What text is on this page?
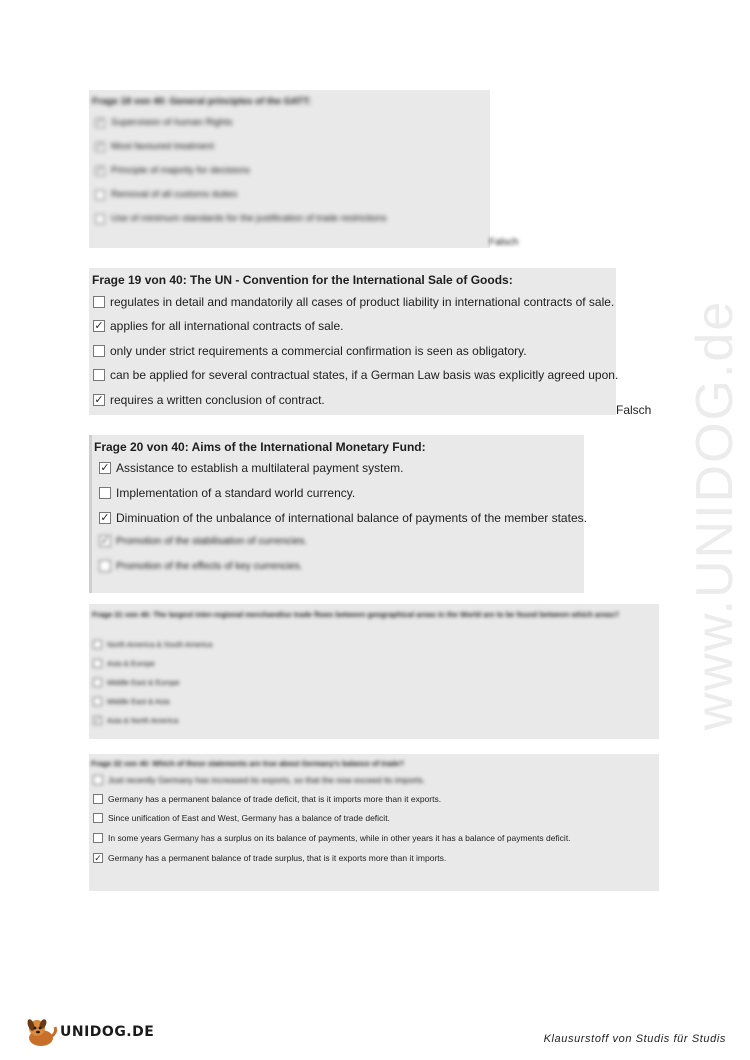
www.UNIDOG.de
Frage 18 von 40: General principles of the GATT:
✓ Supervision of human Rights
✓ Most favoured treatment
✓ Principle of majority for decisions
Removal of all customs duties
Use of minimum standards for the justification of trade restrictions
Falsch
Frage 19 von 40: The UN - Convention for the International Sale of Goods:
regulates in detail and mandatorily all cases of product liability in international contracts of sale.
✓ applies for all international contracts of sale.
only under strict requirements a commercial confirmation is seen as obligatory.
can be applied for several contractual states, if a German Law basis was explicitly agreed upon.
✓ requires a written conclusion of contract.
Falsch
Frage 20 von 40: Aims of the International Monetary Fund:
✓ Assistance to establish a multilateral payment system.
Implementation of a standard world currency.
✓ Diminuation of the unbalance of international balance of payments of the member states.
✓ Promotion of the stabilisation of currencies.
Promotion of the effects of key currencies.
Frage 21 von 40: The largest inter-regional merchandise trade flows between geographical areas in the World are to be found between which areas?
North America & South America
Asia & Europe
Middle East & Europe
Middle East & Asia
✓ Asia & North America
Frage 22 von 40: Which of these statements are true about Germany's balance of trade?
Just recently Germany has increased its exports, so that the now exceed its imports.
Germany has a permanent balance of trade deficit, that is it imports more than it exports.
Since unification of East and West, Germany has a balance of trade deficit.
In some years Germany has a surplus on its balance of payments, while in other years it has a balance of payments deficit.
✓ Germany has a permanent balance of trade surplus, that is it exports more than it imports.
UNIDOG.DE	Klausurstoff von Studis für Studis
